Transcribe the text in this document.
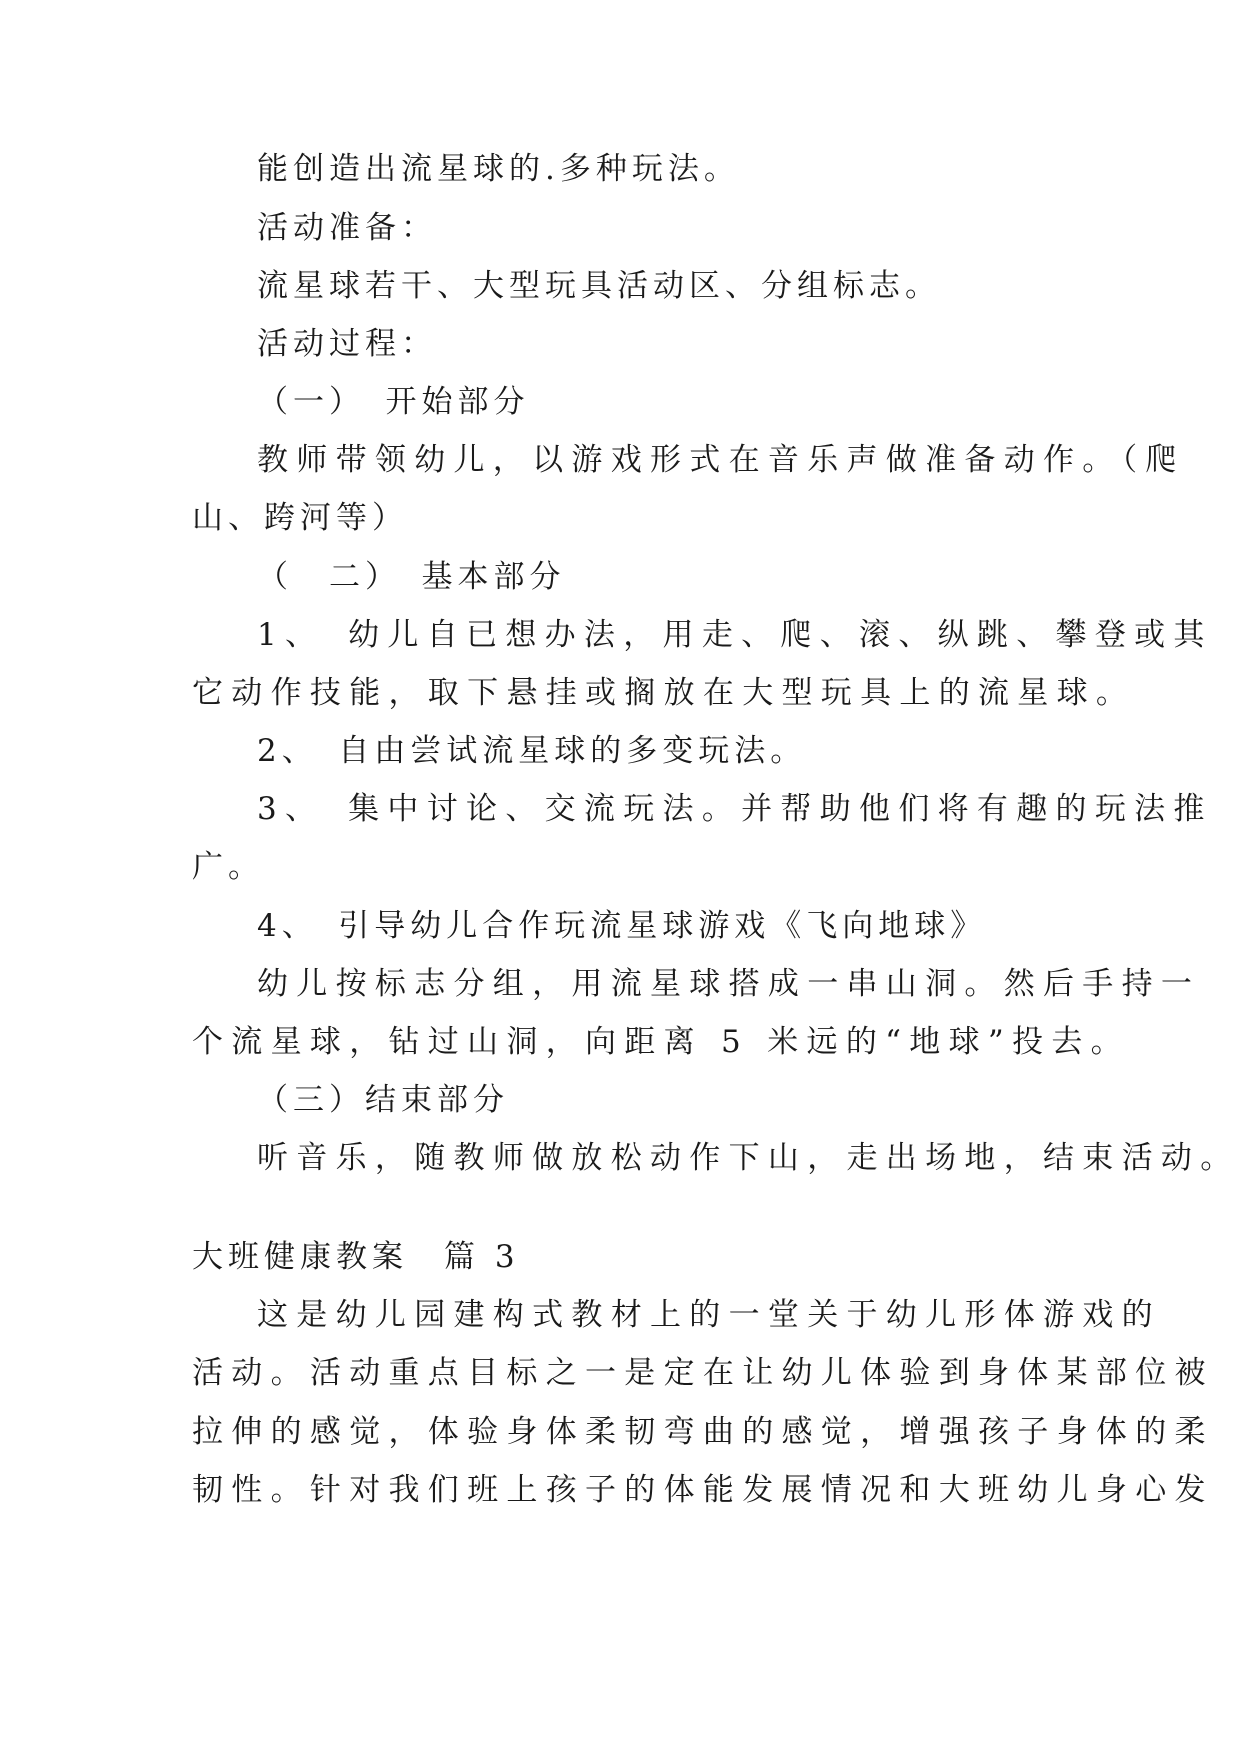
能创造出流星球的.多种玩法。
活动准备：
流星球若干、大型玩具活动区、分组标志。
活动过程：
（一）　开始部分
教师带领幼儿，以游戏形式在音乐声做准备动作。（爬
山、跨河等）
（　二）　基本部分
1、　幼儿自已想办法，用走、爬、滚、纵跳、攀登或其
它动作技能，取下悬挂或搁放在大型玩具上的流星球。
2、　自由尝试流星球的多变玩法。
3、　集中讨论、交流玩法。并帮助他们将有趣的玩法推
广。
4、　引导幼儿合作玩流星球游戏《飞向地球》
幼儿按标志分组，用流星球搭成一串山洞。然后手持一
个流星球，钻过山洞，向距离 5 米远的“地球”投去。
（三）结束部分
听音乐，随教师做放松动作下山，走出场地，结束活动。
大班健康教案　篇 3
这是幼儿园建构式教材上的一堂关于幼儿形体游戏的
活动。活动重点目标之一是定在让幼儿体验到身体某部位被
拉伸的感觉，体验身体柔韧弯曲的感觉，增强孩子身体的柔
韧性。针对我们班上孩子的体能发展情况和大班幼儿身心发
